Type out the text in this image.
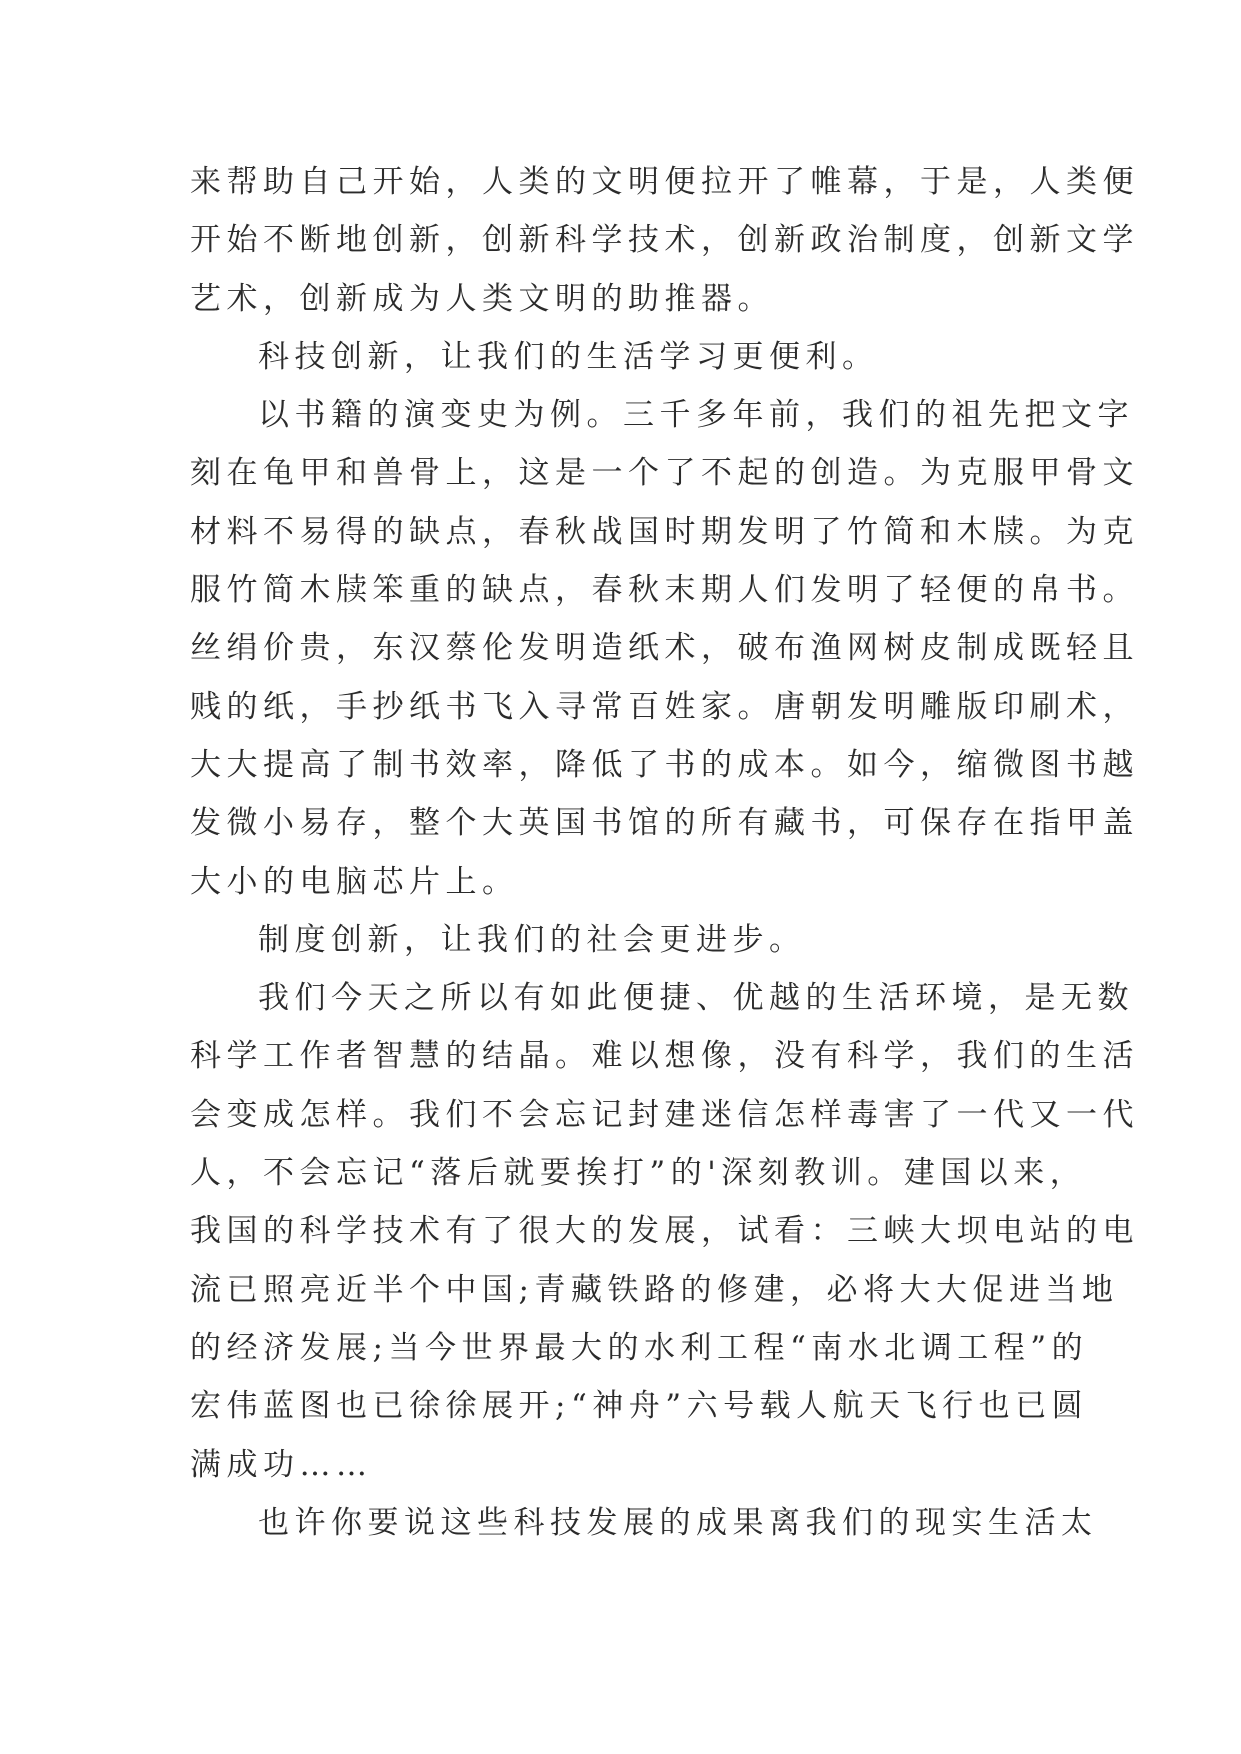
来帮助自己开始，人类的文明便拉开了帷幕，于是，人类便
开始不断地创新，创新科学技术，创新政治制度，创新文学
艺术，创新成为人类文明的助推器。
科技创新，让我们的生活学习更便利。
以书籍的演变史为例。三千多年前，我们的祖先把文字
刻在龟甲和兽骨上，这是一个了不起的创造。为克服甲骨文
材料不易得的缺点，春秋战国时期发明了竹简和木牍。为克
服竹简木牍笨重的缺点，春秋末期人们发明了轻便的帛书。
丝绢价贵，东汉蔡伦发明造纸术，破布渔网树皮制成既轻且
贱的纸，手抄纸书飞入寻常百姓家。唐朝发明雕版印刷术，
大大提高了制书效率，降低了书的成本。如今，缩微图书越
发微小易存，整个大英国书馆的所有藏书，可保存在指甲盖
大小的电脑芯片上。
制度创新，让我们的社会更进步。
我们今天之所以有如此便捷、优越的生活环境，是无数
科学工作者智慧的结晶。难以想像，没有科学，我们的生活
会变成怎样。我们不会忘记封建迷信怎样毒害了一代又一代
人，不会忘记“落后就要挨打”的'深刻教训。建国以来，
我国的科学技术有了很大的发展，试看：三峡大坝电站的电
流已照亮近半个中国;青藏铁路的修建，必将大大促进当地
的经济发展;当今世界最大的水利工程“南水北调工程”的
宏伟蓝图也已徐徐展开;“神舟”六号载人航天飞行也已圆
满成功……
也许你要说这些科技发展的成果离我们的现实生活太
